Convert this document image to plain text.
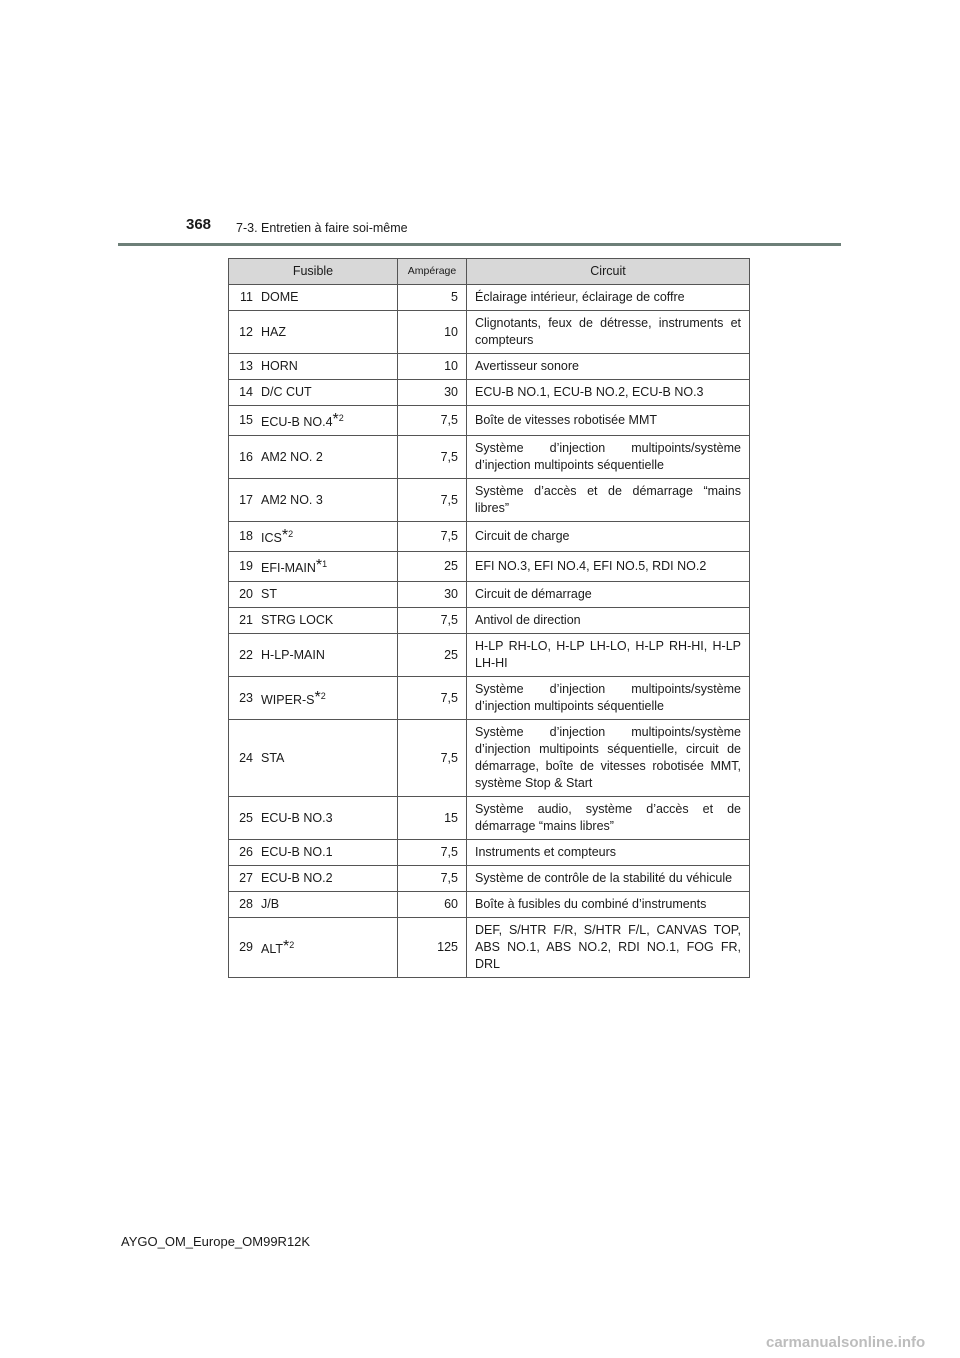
368 7-3. Entretien à faire soi-même
Fusible		Ampérage	Circuit
11	DOME	5	Éclairage intérieur, éclairage de coffre
12	HAZ	10	Clignotants, feux de détresse, instruments et compteurs
13	HORN	10	Avertisseur sonore
14	D/C CUT	30	ECU-B NO.1, ECU-B NO.2, ECU-B NO.3
15	ECU-B NO.4$^{*2}$	7,5	Boîte de vitesses robotisée MMT
16	AM2 NO. 2	7,5	Système d’injection multipoints/système d’injection multipoints séquentielle
17	AM2 NO. 3	7,5	Système d’accès et de démarrage “mains libres”
18	ICS$^{*2}$	7,5	Circuit de charge
19	EFI-MAIN$^{*1}$	25	EFI NO.3, EFI NO.4, EFI NO.5, RDI NO.2
20	ST	30	Circuit de démarrage
21	STRG LOCK	7,5	Antivol de direction
22	H-LP-MAIN	25	H-LP RH-LO, H-LP LH-LO, H-LP RH-HI, H-LP LH-HI
23	WIPER-S$^{*2}$	7,5	Système d’injection multipoints/système d’injection multipoints séquentielle
24	STA	7,5	Système d’injection multipoints/système d’injection multipoints séquentielle, circuit de démarrage, boîte de vitesses robotisée MMT, système Stop & Start
25	ECU-B NO.3	15	Système audio, système d’accès et de démarrage “mains libres”
26	ECU-B NO.1	7,5	Instruments et compteurs
27	ECU-B NO.2	7,5	Système de contrôle de la stabilité du véhicule
28	J/B	60	Boîte à fusibles du combiné d’instruments
29	ALT$^{*2}$	125	DEF, S/HTR F/R, S/HTR F/L, CANVAS TOP, ABS NO.1, ABS NO.2, RDI NO.1, FOG FR, DRL
AYGO_OM_Europe_OM99R12K
carmanualsonline.info
